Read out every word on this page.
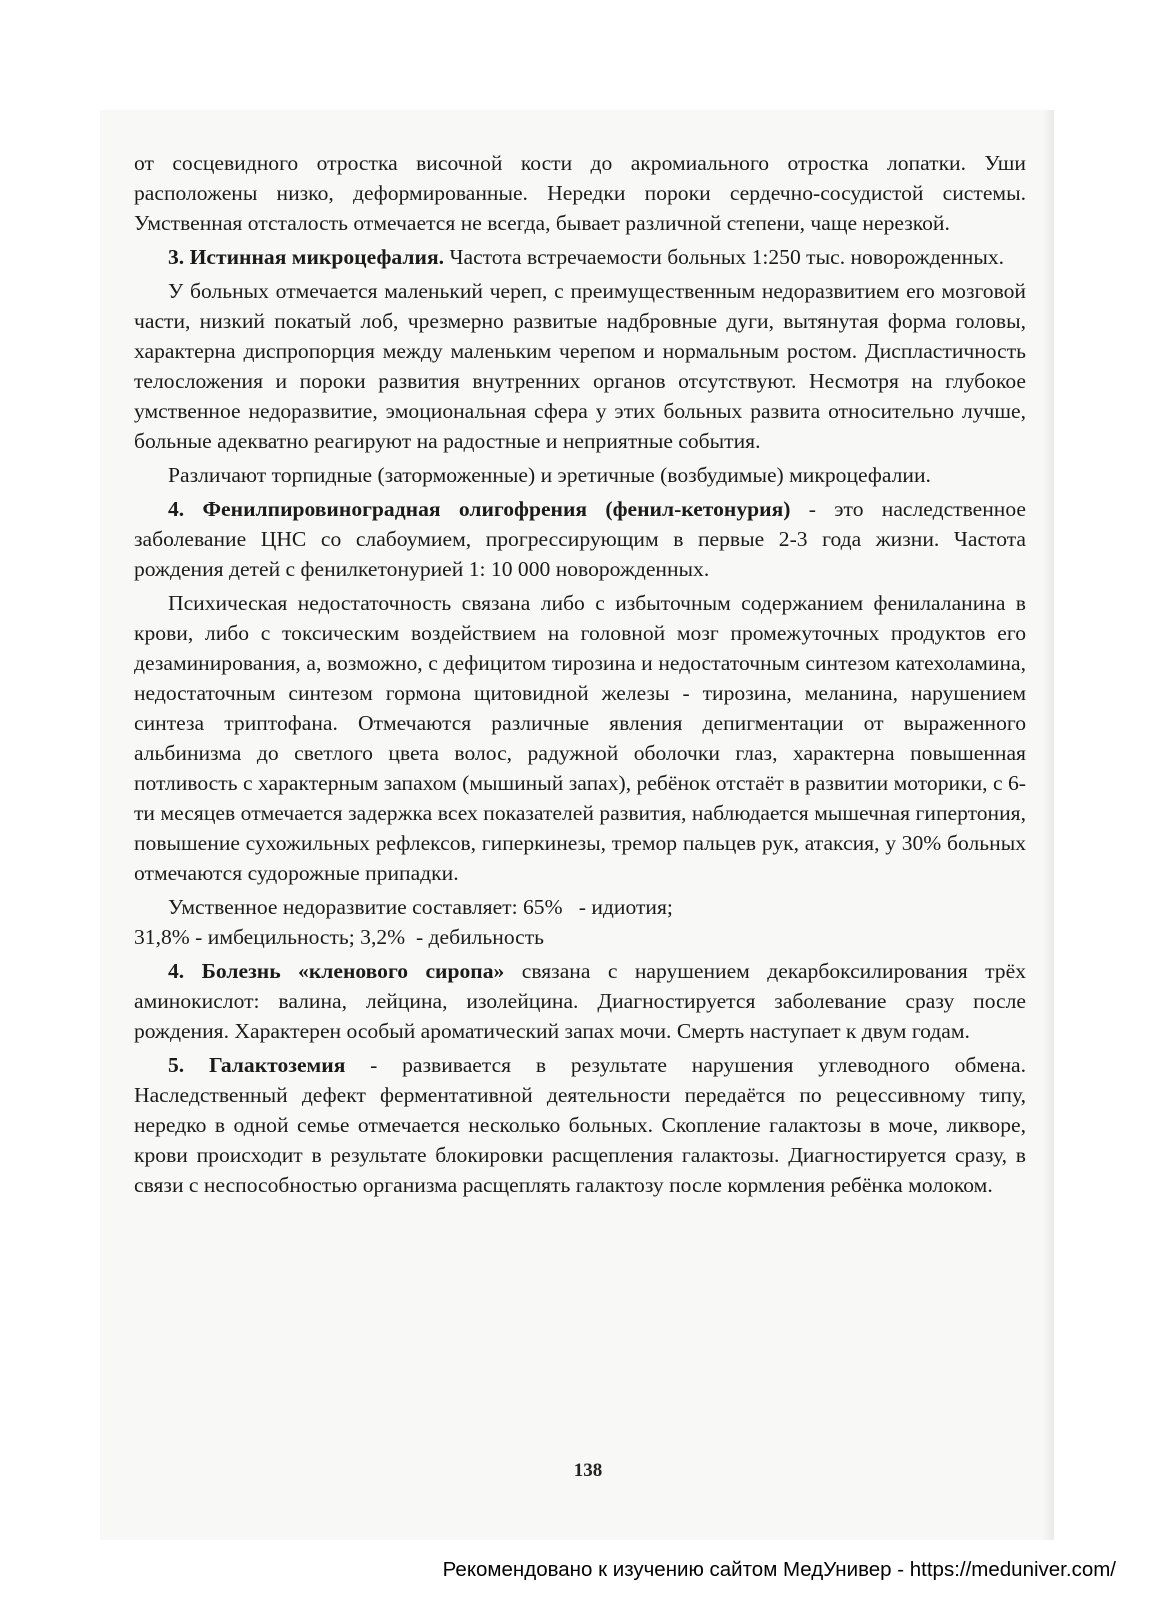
от сосцевидного отростка височной кости до акромиального отростка лопатки. Уши расположены низко, деформированные. Нередки пороки сердечно-сосудистой системы. Умственная отсталость отмечается не всегда, бывает различной степени, чаще нерезкой.

3. Истинная микроцефалия. Частота встречаемости больных 1:250 тыс. новорожденных.

У больных отмечается маленький череп, с преимущественным недоразвитием его мозговой части, низкий покатый лоб, чрезмерно развитые надбровные дуги, вытянутая форма головы, характерна диспропорция между маленьким черепом и нормальным ростом. Диспластичность телосложения и пороки развития внутренних органов отсутствуют. Несмотря на глубокое умственное недоразвитие, эмоциональная сфера у этих больных развита относительно лучше, больные адекватно реагируют на радостные и неприятные события.

Различают торпидные (заторможенные) и эретичные (возбудимые) микроцефалии.

4. Фенилпировиноградная олигофрения (фенил-кетонурия) - это наследственное заболевание ЦНС со слабоумием, прогрессирующим в первые 2-3 года жизни. Частота рождения детей с фенилкетонурией 1: 10 000 новорожденных.

Психическая недостаточность связана либо с избыточным содержанием фенилаланина в крови, либо с токсическим воздействием на головной мозг промежуточных продуктов его дезаминирования, а, возможно, с дефицитом тирозина и недостаточным синтезом катехоламина, недостаточным синтезом гормона щитовидной железы - тирозина, меланина, нарушением синтеза триптофана. Отмечаются различные явления депигментации от выраженного альбинизма до светлого цвета волос, радужной оболочки глаз, характерна повышенная потливость с характерным запахом (мышиный запах), ребёнок отстаёт в развитии моторики, с 6-ти месяцев отмечается задержка всех показателей развития, наблюдается мышечная гипертония, повышение сухожильных рефлексов, гиперкинезы, тремор пальцев рук, атаксия, у 30% больных отмечаются судорожные припадки.

Умственное недоразвитие составляет: 65%   - идиотия;

31,8% - имбецильность; 3,2%  - дебильность

4. Болезнь «кленового сиропа» связана с нарушением декарбоксилирования трёх аминокислот: валина, лейцина, изолейцина. Диагностируется заболевание сразу после рождения. Характерен особый ароматический запах мочи. Смерть наступает к двум годам.

5. Галактоземия - развивается в результате нарушения углеводного обмена. Наследственный дефект ферментативной деятельности передаётся по рецессивному типу, нередко в одной семье отмечается несколько больных. Скопление галактозы в моче, ликворе, крови происходит в результате блокировки расщепления галактозы. Диагностируется сразу, в связи с неспособностью организма расщеплять галактозу после кормления ребёнка молоком.

138
Рекомендовано к изучению сайтом МедУнивер - https://meduniver.com/
